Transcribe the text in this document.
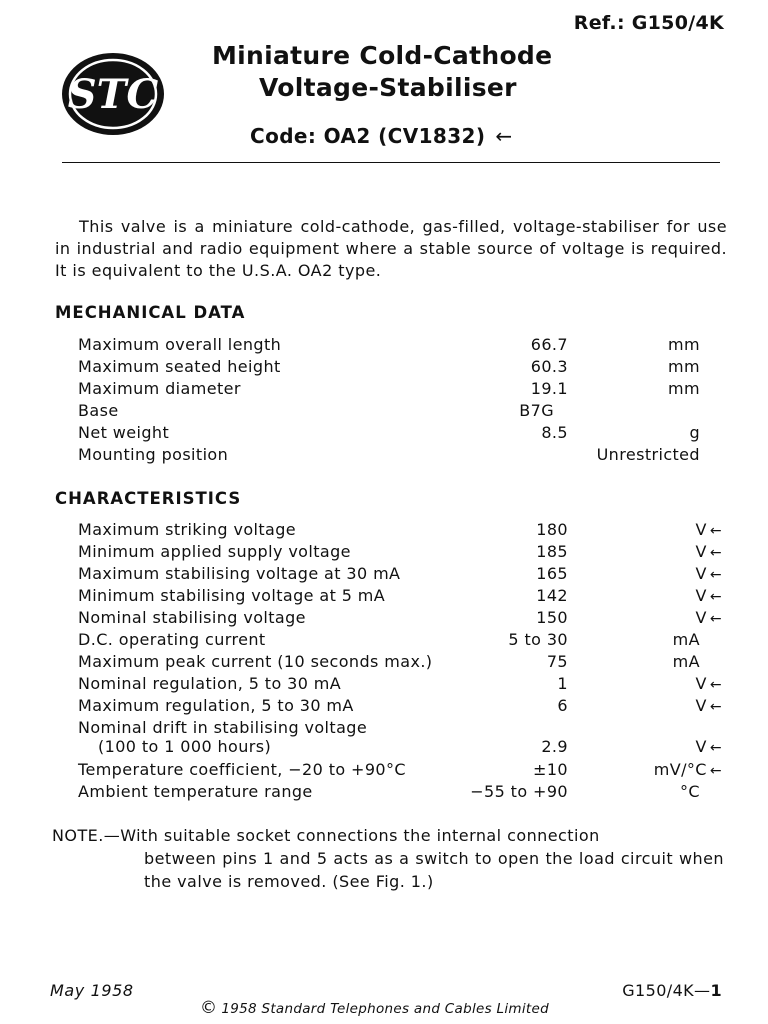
Ref.: G150/4K
STC
Miniature Cold-Cathode
Voltage-Stabiliser
Code: OA2 (CV1832) ←

This valve is a miniature cold-cathode, gas-filled, voltage-stabiliser for use in industrial and radio equipment where a stable source of voltage is required. It is equivalent to the U.S.A. OA2 type.

MECHANICAL DATA
Maximum overall length	66.7	mm
Maximum seated height	60.3	mm
Maximum diameter	19.1	mm
Base	B7G
Net weight	8.5	g
Mounting position	Unrestricted
CHARACTERISTICS
Maximum striking voltage	180	V ←
Minimum applied supply voltage	185	V ←
Maximum stabilising voltage at 30 mA	165	V ←
Minimum stabilising voltage at 5 mA	142	V ←
Nominal stabilising voltage	150	V ←
D.C. operating current	5 to 30	mA
Maximum peak current (10 seconds max.)	75	mA
Nominal regulation, 5 to 30 mA	1	V ←
Maximum regulation, 5 to 30 mA	6	V ←
Nominal drift in stabilising voltage
(100 to 1 000 hours)	2.9	V ←
Temperature coefficient, −20 to +90°C	±10	mV/°C ←
Ambient temperature range	−55 to +90	°C
NOTE.—With suitable socket connections the internal connection
between pins 1 and 5 acts as a switch to open the load circuit when the valve is removed. (See Fig. 1.)
May 1958	G150/4K—1
© 1958 Standard Telephones and Cables Limited
